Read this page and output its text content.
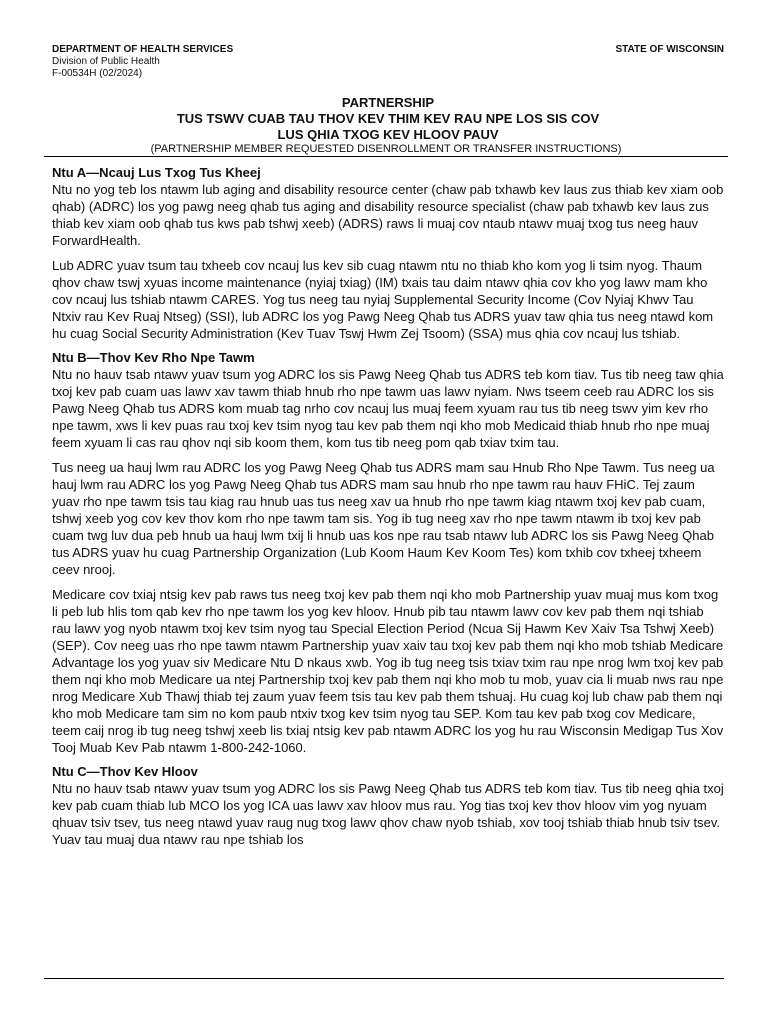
DEPARTMENT OF HEALTH SERVICES
Division of Public Health
F-00534H (02/2024)
STATE OF WISCONSIN
PARTNERSHIP
TUS TSWV CUAB TAU THOV KEV THIM KEV RAU NPE LOS SIS COV
LUS QHIA TXOG KEV HLOOV PAUV
(PARTNERSHIP MEMBER REQUESTED DISENROLLMENT OR TRANSFER INSTRUCTIONS)
Ntu A—Ncauj Lus Txog Tus Kheej

Ntu no yog teb los ntawm lub aging and disability resource center (chaw pab txhawb kev laus zus thiab kev xiam oob qhab) (ADRC) los yog pawg neeg qhab tus aging and disability resource specialist (chaw pab txhawb kev laus zus thiab kev xiam oob qhab tus kws pab tshwj xeeb) (ADRS) raws li muaj cov ntaub ntawv muaj txog tus neeg hauv ForwardHealth.

Lub ADRC yuav tsum tau txheeb cov ncauj lus kev sib cuag ntawm ntu no thiab kho kom yog li tsim nyog. Thaum qhov chaw tswj xyuas income maintenance (nyiaj txiag) (IM) txais tau daim ntawv qhia cov kho yog lawv mam kho cov ncauj lus tshiab ntawm CARES. Yog tus neeg tau nyiaj Supplemental Security Income (Cov Nyiaj Khwv Tau Ntxiv rau Kev Ruaj Ntseg) (SSI), lub ADRC los yog Pawg Neeg Qhab tus ADRS yuav taw qhia tus neeg ntawd kom hu cuag Social Security Administration (Kev Tuav Tswj Hwm Zej Tsoom) (SSA) mus qhia cov ncauj lus tshiab.

Ntu B—Thov Kev Rho Npe Tawm

Ntu no hauv tsab ntawv yuav tsum yog ADRC los sis Pawg Neeg Qhab tus ADRS teb kom tiav. Tus tib neeg taw qhia txoj kev pab cuam uas lawv xav tawm thiab hnub rho npe tawm uas lawv nyiam. Nws tseem ceeb rau ADRC los sis Pawg Neeg Qhab tus ADRS kom muab tag nrho cov ncauj lus muaj feem xyuam rau tus tib neeg tswv yim kev rho npe tawm, xws li kev puas rau txoj kev tsim nyog tau kev pab them nqi kho mob Medicaid thiab hnub rho npe muaj feem xyuam li cas rau qhov nqi sib koom them, kom tus tib neeg pom qab txiav txim tau.

Tus neeg ua hauj lwm rau ADRC los yog Pawg Neeg Qhab tus ADRS mam sau Hnub Rho Npe Tawm. Tus neeg ua hauj lwm rau ADRC los yog Pawg Neeg Qhab tus ADRS mam sau hnub rho npe tawm rau hauv FHiC. Tej zaum yuav rho npe tawm tsis tau kiag rau hnub uas tus neeg xav ua hnub rho npe tawm kiag ntawm txoj kev pab cuam, tshwj xeeb yog cov kev thov kom rho npe tawm tam sis. Yog ib tug neeg xav rho npe tawm ntawm ib txoj kev pab cuam twg luv dua peb hnub ua hauj lwm txij li hnub uas kos npe rau tsab ntawv lub ADRC los sis Pawg Neeg Qhab tus ADRS yuav hu cuag Partnership Organization (Lub Koom Haum Kev Koom Tes) kom txhib cov txheej txheem ceev nrooj.

Medicare cov txiaj ntsig kev pab raws tus neeg txoj kev pab them nqi kho mob Partnership yuav muaj mus kom txog li peb lub hlis tom qab kev rho npe tawm los yog kev hloov. Hnub pib tau ntawm lawv cov kev pab them nqi tshiab rau lawv yog nyob ntawm txoj kev tsim nyog tau Special Election Period (Ncua Sij Hawm Kev Xaiv Tsa Tshwj Xeeb) (SEP). Cov neeg uas rho npe tawm ntawm Partnership yuav xaiv tau txoj kev pab them nqi kho mob tshiab Medicare Advantage los yog yuav siv Medicare Ntu D nkaus xwb. Yog ib tug neeg tsis txiav txim rau npe nrog lwm txoj kev pab them nqi kho mob Medicare ua ntej Partnership txoj kev pab them nqi kho mob tu mob, yuav cia li muab nws rau npe nrog Medicare Xub Thawj thiab tej zaum yuav feem tsis tau kev pab them tshuaj. Hu cuag koj lub chaw pab them nqi kho mob Medicare tam sim no kom paub ntxiv txog kev tsim nyog tau SEP. Kom tau kev pab txog cov Medicare, teem caij nrog ib tug neeg tshwj xeeb lis txiaj ntsig kev pab ntawm ADRC los yog hu rau Wisconsin Medigap Tus Xov Tooj Muab Kev Pab ntawm 1-800-242-1060.

Ntu C—Thov Kev Hloov

Ntu no hauv tsab ntawv yuav tsum yog ADRC los sis Pawg Neeg Qhab tus ADRS teb kom tiav. Tus tib neeg qhia txoj kev pab cuam thiab lub MCO los yog ICA uas lawv xav hloov mus rau. Yog tias txoj kev thov hloov vim yog nyuam qhuav tsiv tsev, tus neeg ntawd yuav raug nug txog lawv qhov chaw nyob tshiab, xov tooj tshiab thiab hnub tsiv tsev. Yuav tau muaj dua ntawv rau npe tshiab los
